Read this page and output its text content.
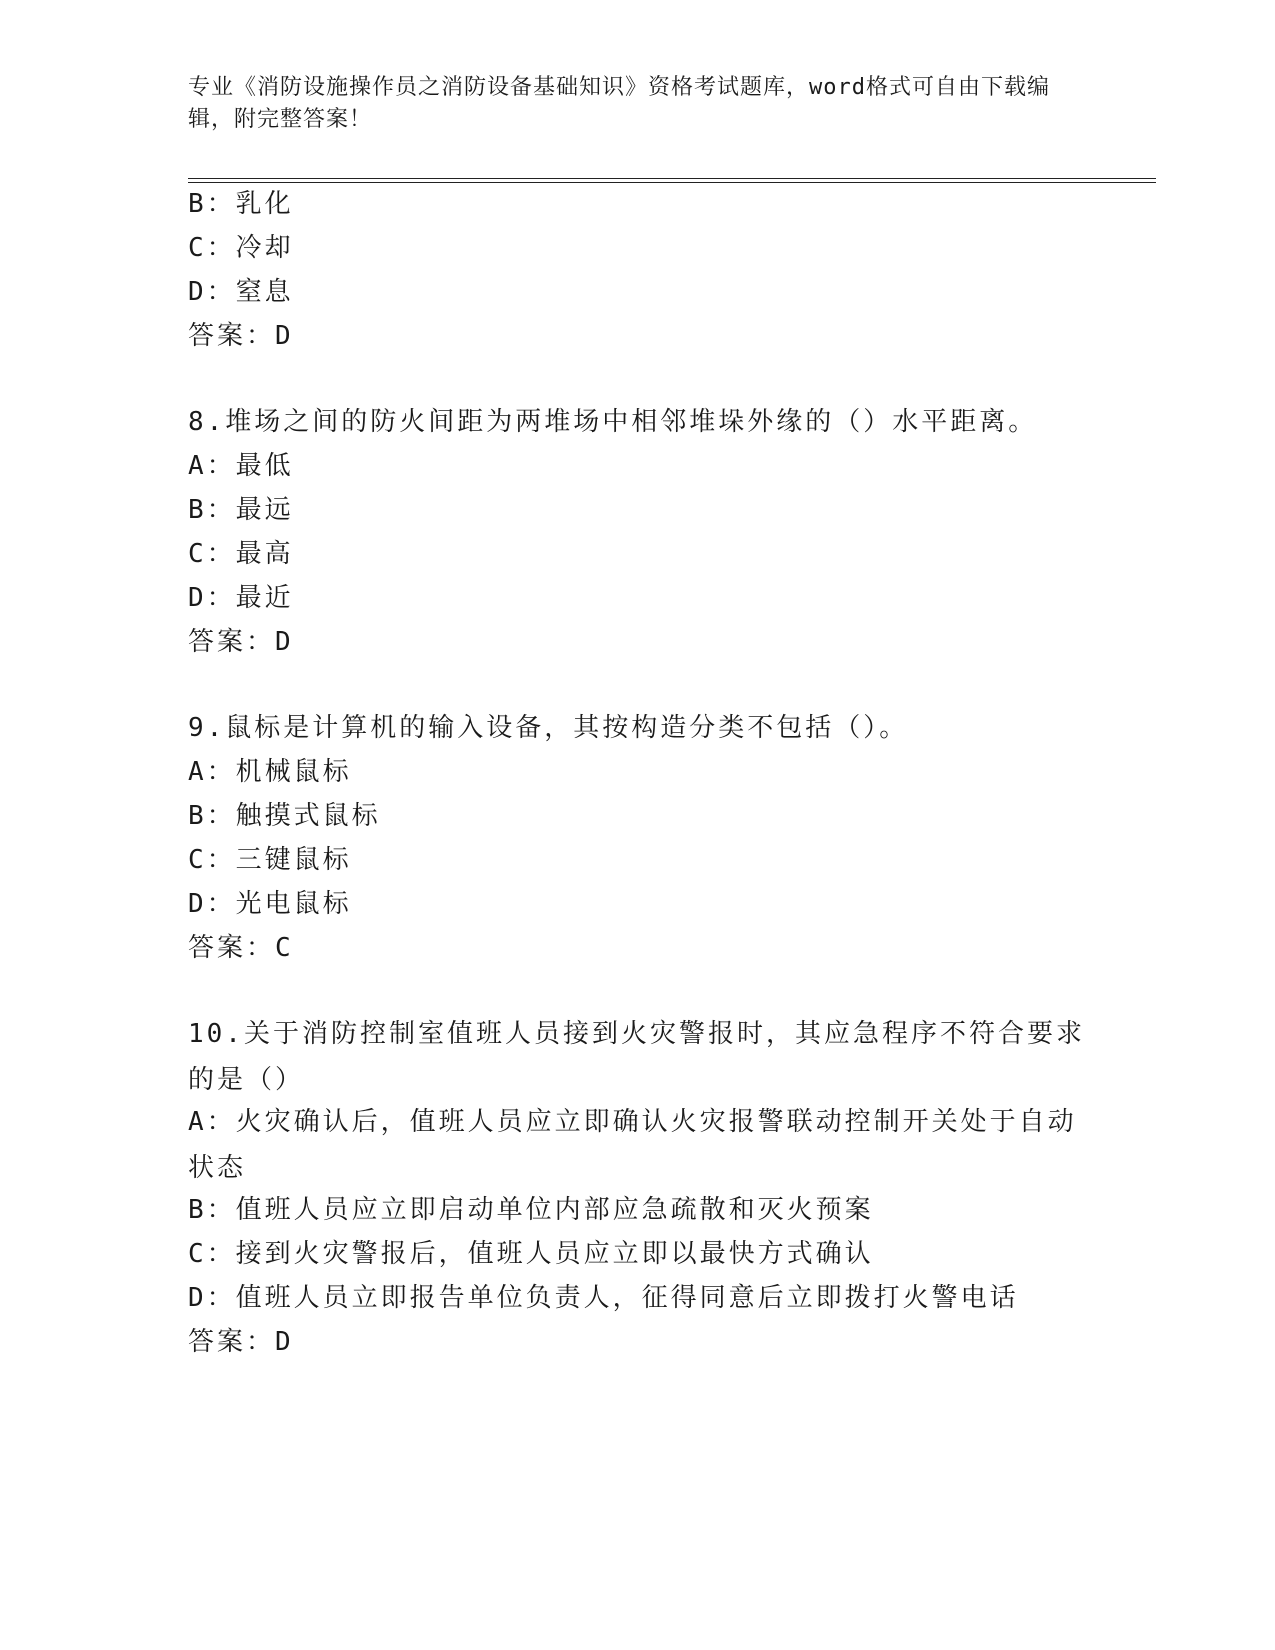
专业《消防设施操作员之消防设备基础知识》资格考试题库，word格式可自由下载编辑，附完整答案！
B：乳化
C：冷却
D：窒息
答案：D
8.堆场之间的防火间距为两堆场中相邻堆垛外缘的（）水平距离。
A：最低
B：最远
C：最高
D：最近
答案：D
9.鼠标是计算机的输入设备，其按构造分类不包括（）。
A：机械鼠标
B：触摸式鼠标
C：三键鼠标
D：光电鼠标
答案：C
10.关于消防控制室值班人员接到火灾警报时，其应急程序不符合要求的是（）
A：火灾确认后，值班人员应立即确认火灾报警联动控制开关处于自动状态
B：值班人员应立即启动单位内部应急疏散和灭火预案
C：接到火灾警报后，值班人员应立即以最快方式确认
D：值班人员立即报告单位负责人，征得同意后立即拨打火警电话
答案：D
